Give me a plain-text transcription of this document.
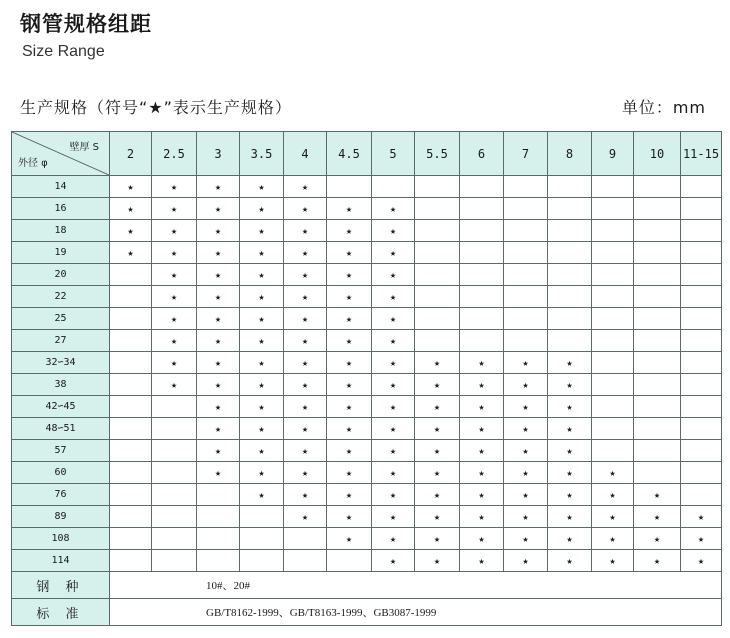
钢管规格组距
Size Range
生产规格（符号“★”表示生产规格）	单位：mm
壁厚 S
外径 φ	2	2.5	3	3.5	4	4.5	5	5.5	6	7	8	9	10	11-15
14	★	★	★	★	★									
16	★	★	★	★	★	★	★							
18	★	★	★	★	★	★	★							
19	★	★	★	★	★	★	★							
20		★	★	★	★	★	★							
22		★	★	★	★	★	★							
25		★	★	★	★	★	★							
27		★	★	★	★	★	★							
32∽34		★	★	★	★	★	★	★	★	★	★			
38		★	★	★	★	★	★	★	★	★	★			
42∽45			★	★	★	★	★	★	★	★	★			
48∽51			★	★	★	★	★	★	★	★	★			
57			★	★	★	★	★	★	★	★	★			
60			★	★	★	★	★	★	★	★	★	★		
76				★	★	★	★	★	★	★	★	★	★	
89					★	★	★	★	★	★	★	★	★	★
108						★	★	★	★	★	★	★	★	★
114							★	★	★	★	★	★	★	★
钢 种	10#、20#													
标 准	GB/T8162-1999、GB/T8163-1999、GB3087-1999													
